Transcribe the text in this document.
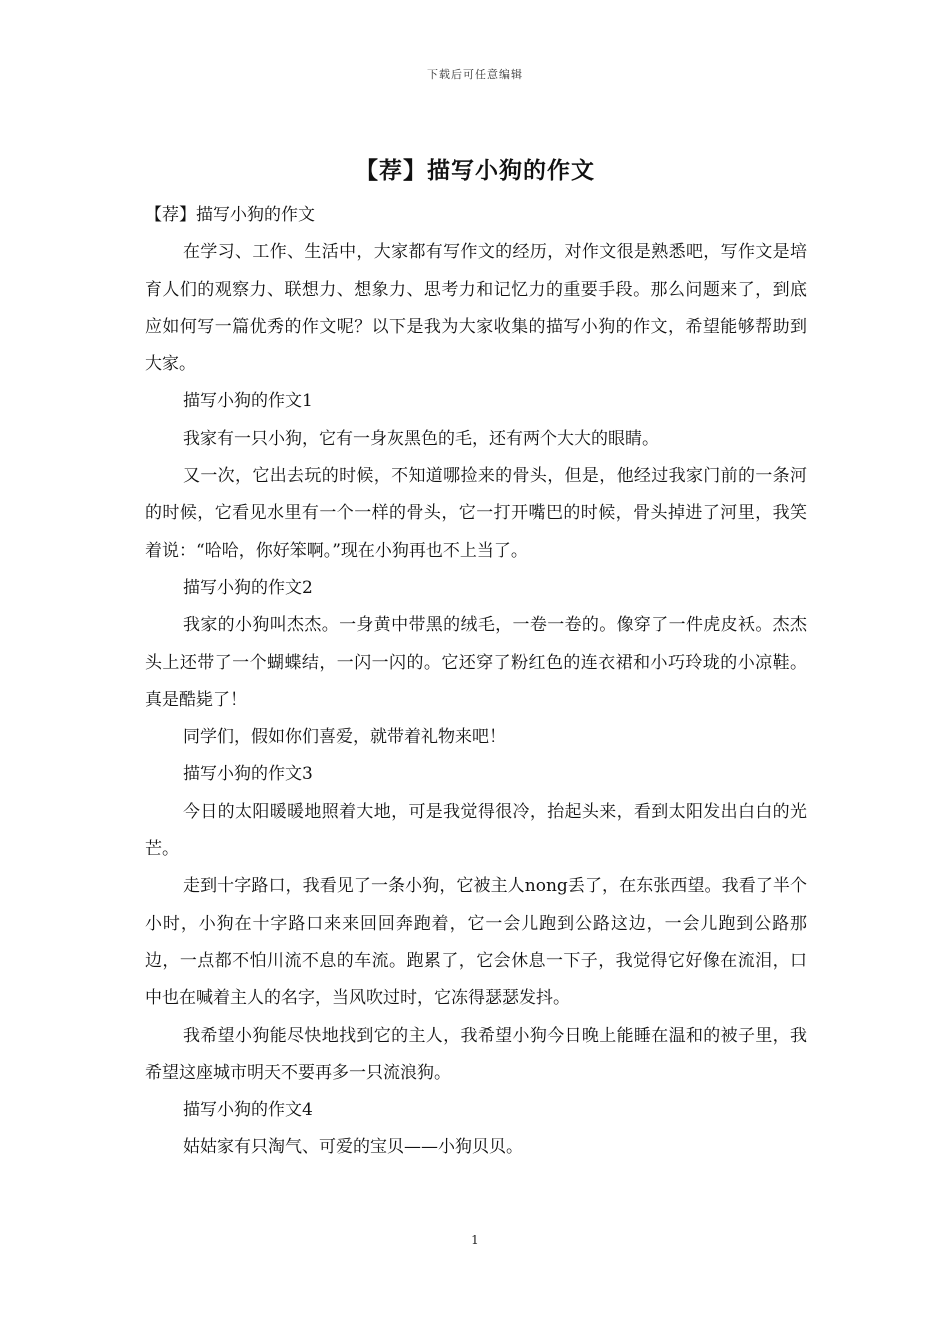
下载后可任意编辑
【荐】描写小狗的作文

【荐】描写小狗的作文

在学习、工作、生活中，大家都有写作文的经历，对作文很是熟悉吧，写作文是培育人们的观察力、联想力、想象力、思考力和记忆力的重要手段。那么问题来了，到底应如何写一篇优秀的作文呢？以下是我为大家收集的描写小狗的作文，希望能够帮助到大家。

描写小狗的作文1

我家有一只小狗，它有一身灰黑色的毛，还有两个大大的眼睛。

又一次，它出去玩的时候，不知道哪捡来的骨头，但是，他经过我家门前的一条河的时候，它看见水里有一个一样的骨头，它一打开嘴巴的时候，骨头掉进了河里，我笑着说：“哈哈，你好笨啊。”现在小狗再也不上当了。

描写小狗的作文2

我家的小狗叫杰杰。一身黄中带黑的绒毛，一卷一卷的。像穿了一件虎皮袄。杰杰头上还带了一个蝴蝶结，一闪一闪的。它还穿了粉红色的连衣裙和小巧玲珑的小凉鞋。真是酷毙了！

同学们，假如你们喜爱，就带着礼物来吧！

描写小狗的作文3

今日的太阳暖暖地照着大地，可是我觉得很冷，抬起头来，看到太阳发出白白的光芒。

走到十字路口，我看见了一条小狗，它被主人nong丢了，在东张西望。我看了半个小时，小狗在十字路口来来回回奔跑着，它一会儿跑到公路这边，一会儿跑到公路那边，一点都不怕川流不息的车流。跑累了，它会休息一下子，我觉得它好像在流泪，口中也在喊着主人的名字，当风吹过时，它冻得瑟瑟发抖。

我希望小狗能尽快地找到它的主人，我希望小狗今日晚上能睡在温和的被子里，我希望这座城市明天不要再多一只流浪狗。

描写小狗的作文4

姑姑家有只淘气、可爱的宝贝——小狗贝贝。

1
